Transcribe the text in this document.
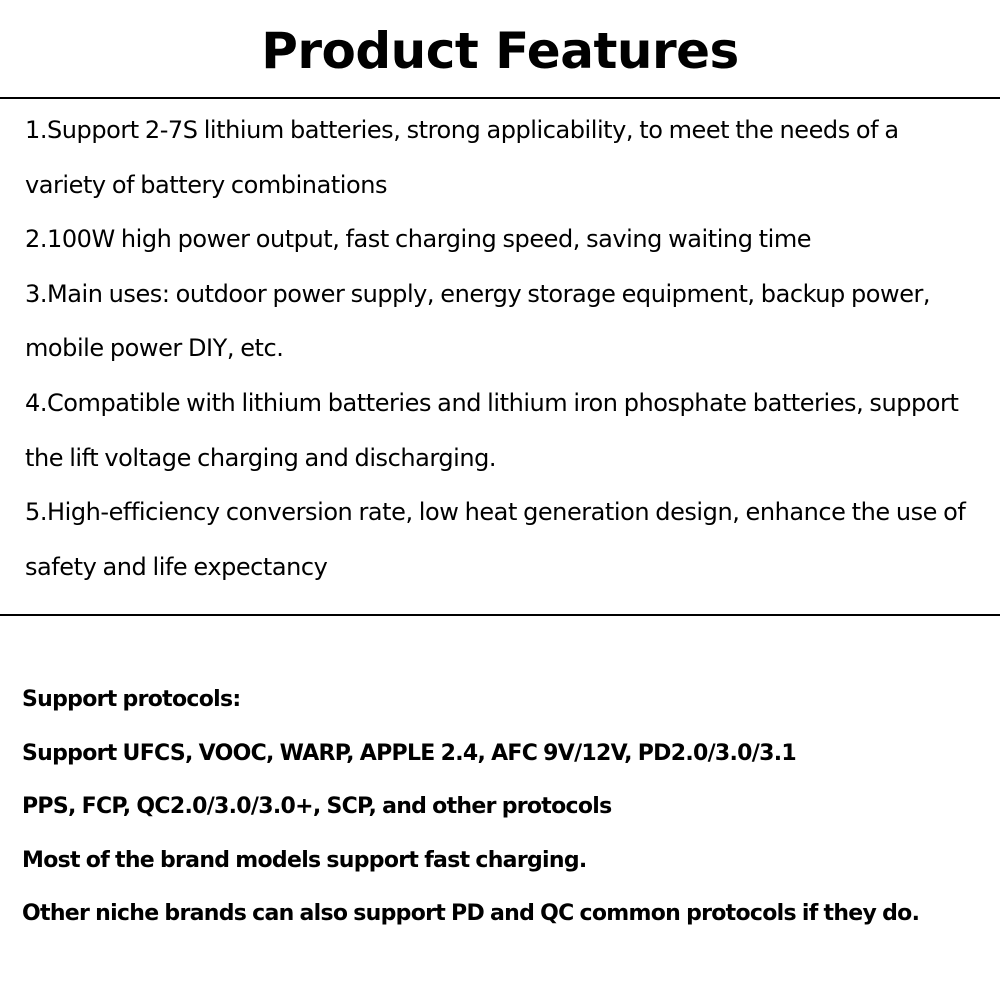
Product Features

1.Support 2-7S lithium batteries, strong applicability, to meet the needs of a variety of battery combinations

2.100W high power output, fast charging speed, saving waiting time

3.Main uses: outdoor power supply, energy storage equipment, backup power, mobile power DIY, etc.

4.Compatible with lithium batteries and lithium iron phosphate batteries, support the lift voltage charging and discharging.

5.High-efficiency conversion rate, low heat generation design, enhance the use of safety and life expectancy

Support protocols:

Support UFCS, VOOC, WARP, APPLE 2.4, AFC 9V/12V, PD2.0/3.0/3.1

PPS, FCP, QC2.0/3.0/3.0+, SCP, and other protocols

Most of the brand models support fast charging.

Other niche brands can also support PD and QC common protocols if they do.
